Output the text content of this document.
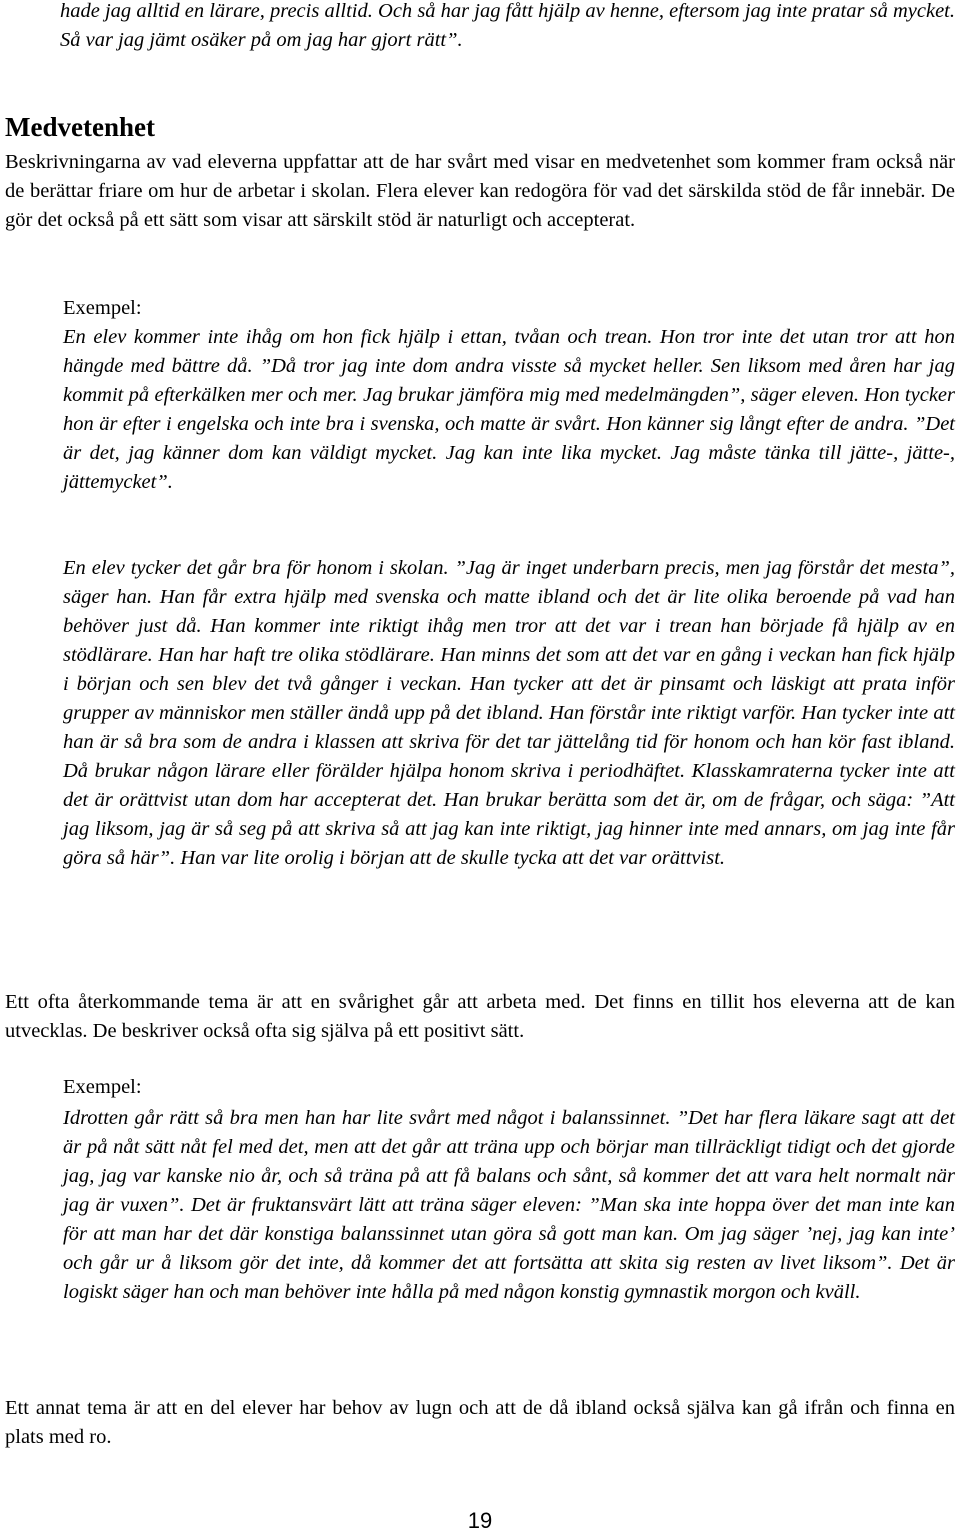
hade jag alltid en lärare, precis alltid. Och så har jag fått hjälp av henne, eftersom jag inte pratar så mycket. Så var jag jämt osäker på om jag har gjort rätt”.

Medvetenhet

Beskrivningarna av vad eleverna uppfattar att de har svårt med visar en medvetenhet som kommer fram också när de berättar friare om hur de arbetar i skolan. Flera elever kan redogöra för vad det särskilda stöd de får innebär. De gör det också på ett sätt som visar att särskilt stöd är naturligt och accepterat.

Exempel:

En elev kommer inte ihåg om hon fick hjälp i ettan, tvåan och trean. Hon tror inte det utan tror att hon hängde med bättre då. ”Då tror jag inte dom andra visste så mycket heller. Sen liksom med åren har jag kommit på efterkälken mer och mer. Jag brukar jämföra mig med medelmängden”, säger eleven. Hon tycker hon är efter i engelska och inte bra i svenska, och matte är svårt. Hon känner sig långt efter de andra. ”Det är det, jag känner dom kan väldigt mycket. Jag kan inte lika mycket. Jag måste tänka till jätte-, jätte-, jättemycket”.

En elev tycker det går bra för honom i skolan. ”Jag är inget underbarn precis, men jag förstår det mesta”, säger han. Han får extra hjälp med svenska och matte ibland och det är lite olika beroende på vad han behöver just då. Han kommer inte riktigt ihåg men tror att det var i trean han började få hjälp av en stödlärare. Han har haft tre olika stödlärare. Han minns det som att det var en gång i veckan han fick hjälp i början och sen blev det två gånger i veckan. Han tycker att det är pinsamt och läskigt att prata inför grupper av människor men ställer ändå upp på det ibland. Han förstår inte riktigt varför. Han tycker inte att han är så bra som de andra i klassen att skriva för det tar jättelång tid för honom och han kör fast ibland. Då brukar någon lärare eller förälder hjälpa honom skriva i periodhäftet. Klasskamraterna tycker inte att det är orättvist utan dom har accepterat det. Han brukar berätta som det är, om de frågar, och säga: ”Att jag liksom, jag är så seg på att skriva så att jag kan inte riktigt, jag hinner inte med annars, om jag inte får göra så här”. Han var lite orolig i början att de skulle tycka att det var orättvist.

Ett ofta återkommande tema är att en svårighet går att arbeta med. Det finns en tillit hos eleverna att de kan utvecklas. De beskriver också ofta sig själva på ett positivt sätt.

Exempel:

Idrotten går rätt så bra men han har lite svårt med något i balanssinnet. ”Det har flera läkare sagt att det är på nåt sätt nåt fel med det, men att det går att träna upp och börjar man tillräckligt tidigt och det gjorde jag, jag var kanske nio år, och så träna på att få balans och sånt, så kommer det att vara helt normalt när jag är vuxen”. Det är fruktansvärt lätt att träna säger eleven: ”Man ska inte hoppa över det man inte kan för att man har det där konstiga balanssinnet utan göra så gott man kan. Om jag säger ’nej, jag kan inte’ och går ur å liksom gör det inte, då kommer det att fortsätta att skita sig resten av livet liksom”. Det är logiskt säger han och man behöver inte hålla på med någon konstig gymnastik morgon och kväll.

Ett annat tema är att en del elever har behov av lugn och att de då ibland också själva kan gå ifrån och finna en plats med ro.

19
